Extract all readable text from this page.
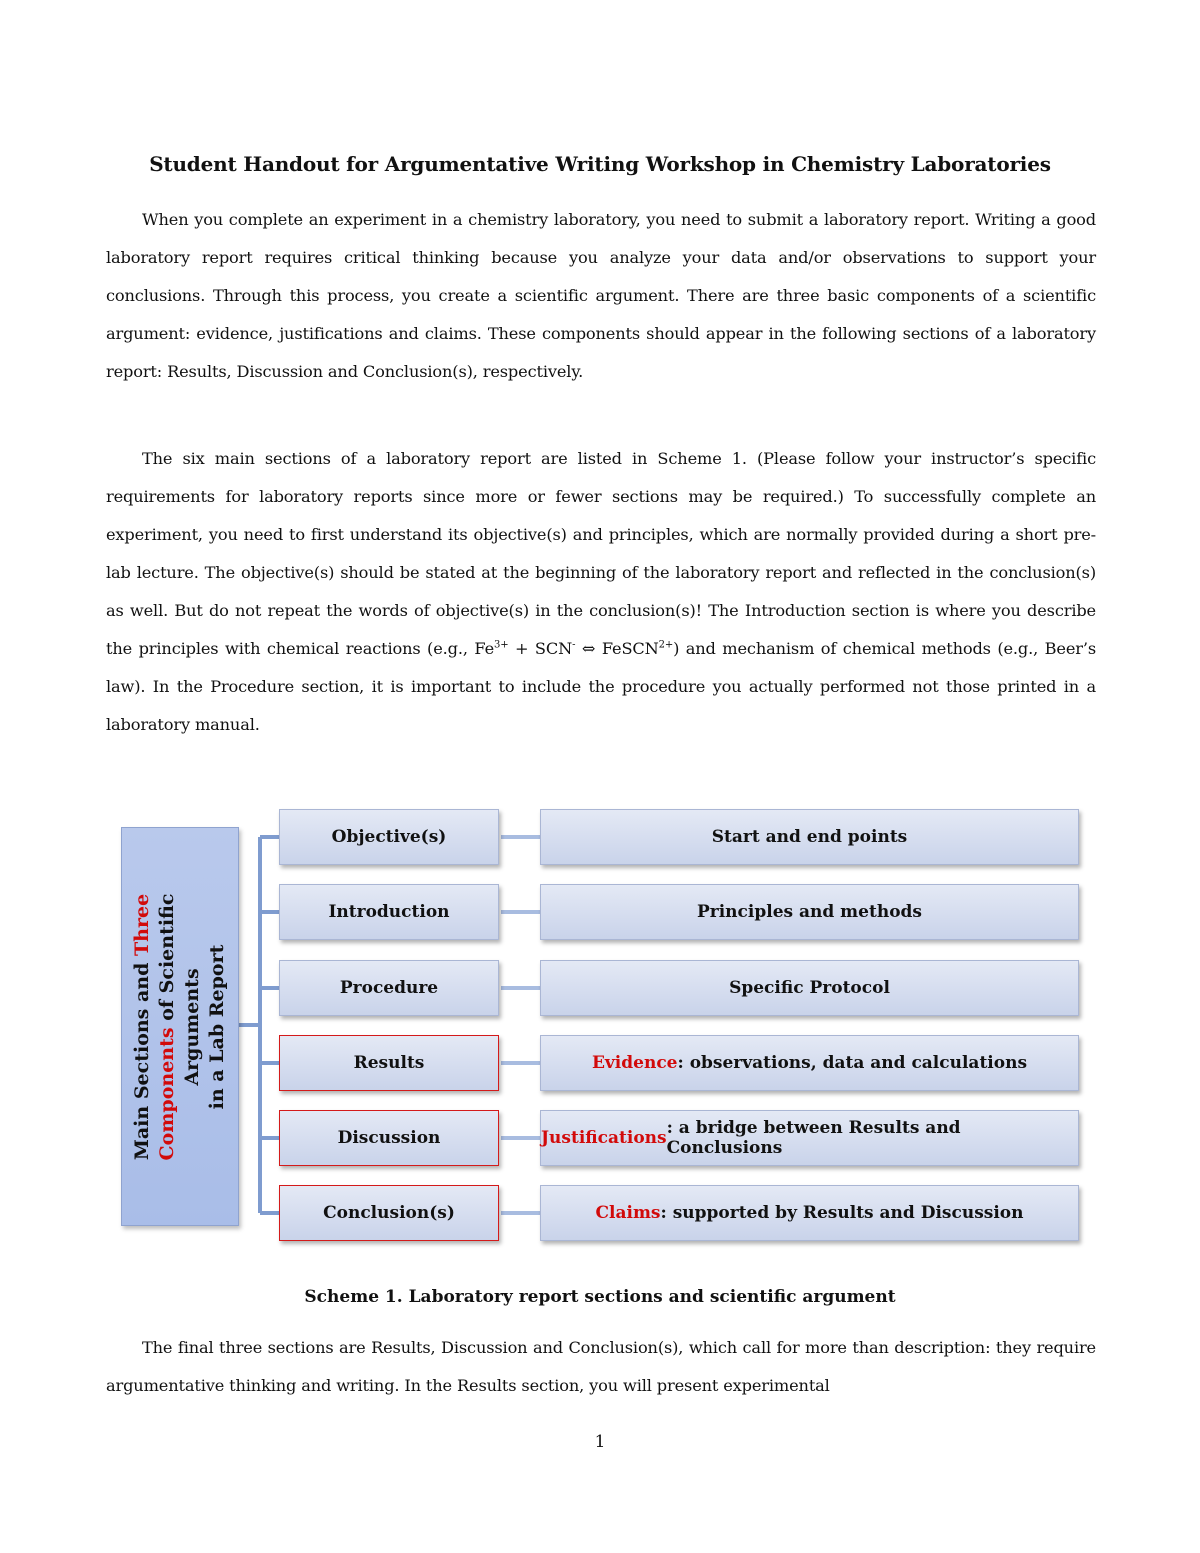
Student Handout for Argumentative Writing Workshop in Chemistry Laboratories

When you complete an experiment in a chemistry laboratory, you need to submit a laboratory report. Writing a good laboratory report requires critical thinking because you analyze your data and/or observations to support your conclusions. Through this process, you create a scientific argument. There are three basic components of a scientific argument: evidence, justifications and claims. These components should appear in the following sections of a laboratory report: Results, Discussion and Conclusion(s), respectively.

The six main sections of a laboratory report are listed in Scheme 1. (Please follow your instructor’s specific requirements for laboratory reports since more or fewer sections may be required.) To successfully complete an experiment, you need to first understand its objective(s) and principles, which are normally provided during a short pre-lab lecture. The objective(s) should be stated at the beginning of the laboratory report and reflected in the conclusion(s) as well. But do not repeat the words of objective(s) in the conclusion(s)! The Introduction section is where you describe the principles with chemical reactions (e.g., $Fe^{3+} + SCN^-$ ⇔ FeSCN$^{2+}$) and mechanism of chemical methods (e.g., Beer’s law). In the Procedure section, it is important to include the procedure you actually performed not those printed in a laboratory manual.

Main Sections and Three
Components of Scientific Arguments in a Lab Report
Objective(s)
Introduction
Procedure
Results
Discussion
Conclusion(s)
Start and end points
Principles and methods
Specific Protocol
Evidence : observations, data and calculations
Justifications : a bridge between Results and Conclusions
Claims : supported by Results and Discussion
Scheme 1. Laboratory report sections and scientific argument

The final three sections are Results, Discussion and Conclusion(s), which call for more than description: they require argumentative thinking and writing. In the Results section, you will present experimental

1
